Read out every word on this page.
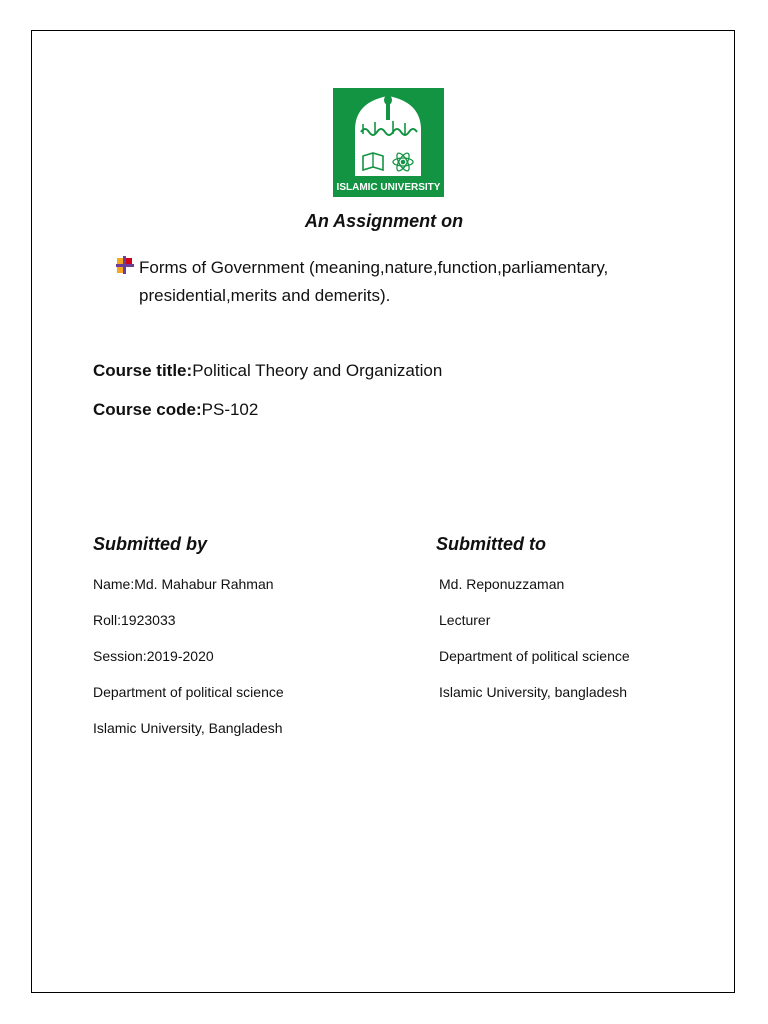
ISLAMIC UNIVERSITY
An Assignment on
Forms of Government (meaning,nature,function,parliamentary,
presidential,merits and demerits).
Course title:Political Theory and Organization
Course code:PS-102
Submitted by	Submitted to
Name:Md. Mahabur Rahman
Roll:1923033
Session:2019-2020
Department of political science
Islamic University, Bangladesh
Md. Reponuzzaman
Lecturer
Department of political science
Islamic University, bangladesh
